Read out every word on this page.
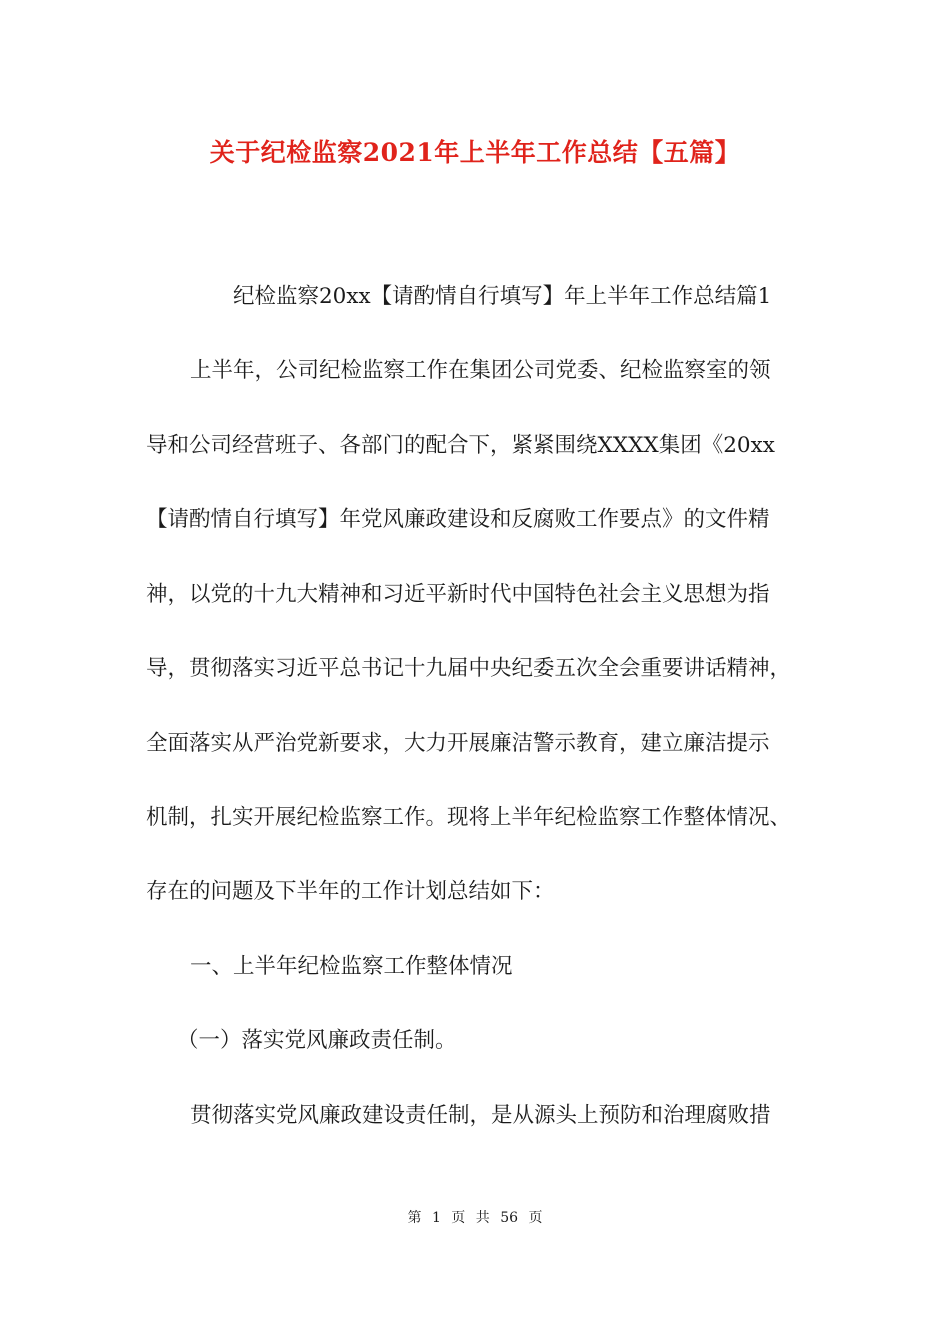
关于纪检监察2021年上半年工作总结【五篇】
纪检监察20xx【请酌情自行填写】年上半年工作总结篇1
上半年，公司纪检监察工作在集团公司党委、纪检监察室的领
导和公司经营班子、各部门的配合下，紧紧围绕XXXX集团《20xx
【请酌情自行填写】年党风廉政建设和反腐败工作要点》的文件精
神，以党的十九大精神和习近平新时代中国特色社会主义思想为指
导，贯彻落实习近平总书记十九届中央纪委五次全会重要讲话精神，
全面落实从严治党新要求，大力开展廉洁警示教育，建立廉洁提示
机制，扎实开展纪检监察工作。现将上半年纪检监察工作整体情况、
存在的问题及下半年的工作计划总结如下：
一、上半年纪检监察工作整体情况
（一）落实党风廉政责任制。
贯彻落实党风廉政建设责任制，是从源头上预防和治理腐败措
第 1 页 共 56 页
